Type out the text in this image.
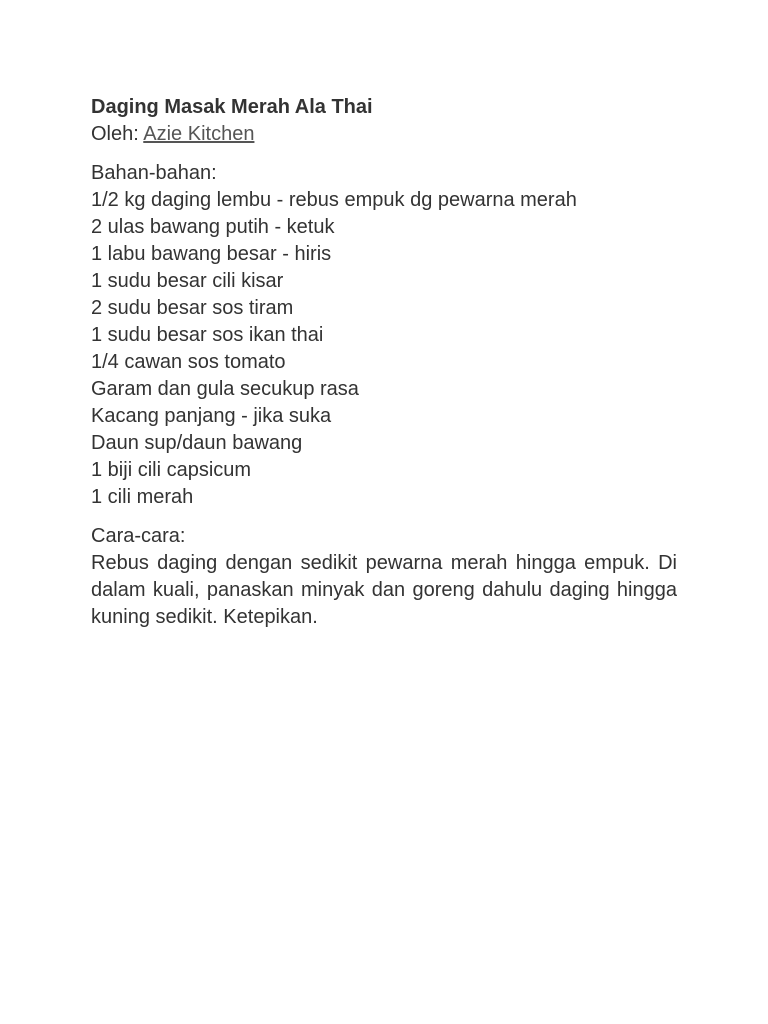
Daging Masak Merah Ala Thai

Oleh: Azie Kitchen

Bahan-bahan:

1/2 kg daging lembu - rebus empuk dg pewarna merah
2 ulas bawang putih - ketuk
1 labu bawang besar - hiris
1 sudu besar cili kisar
2 sudu besar sos tiram
1 sudu besar sos ikan thai
1/4 cawan sos tomato
Garam dan gula secukup rasa
Kacang panjang - jika suka
Daun sup/daun bawang
1 biji cili capsicum
1 cili merah

Cara-cara:

Rebus daging dengan sedikit pewarna merah hingga empuk. Di dalam kuali, panaskan minyak dan goreng dahulu daging hingga kuning sedikit. Ketepikan.
